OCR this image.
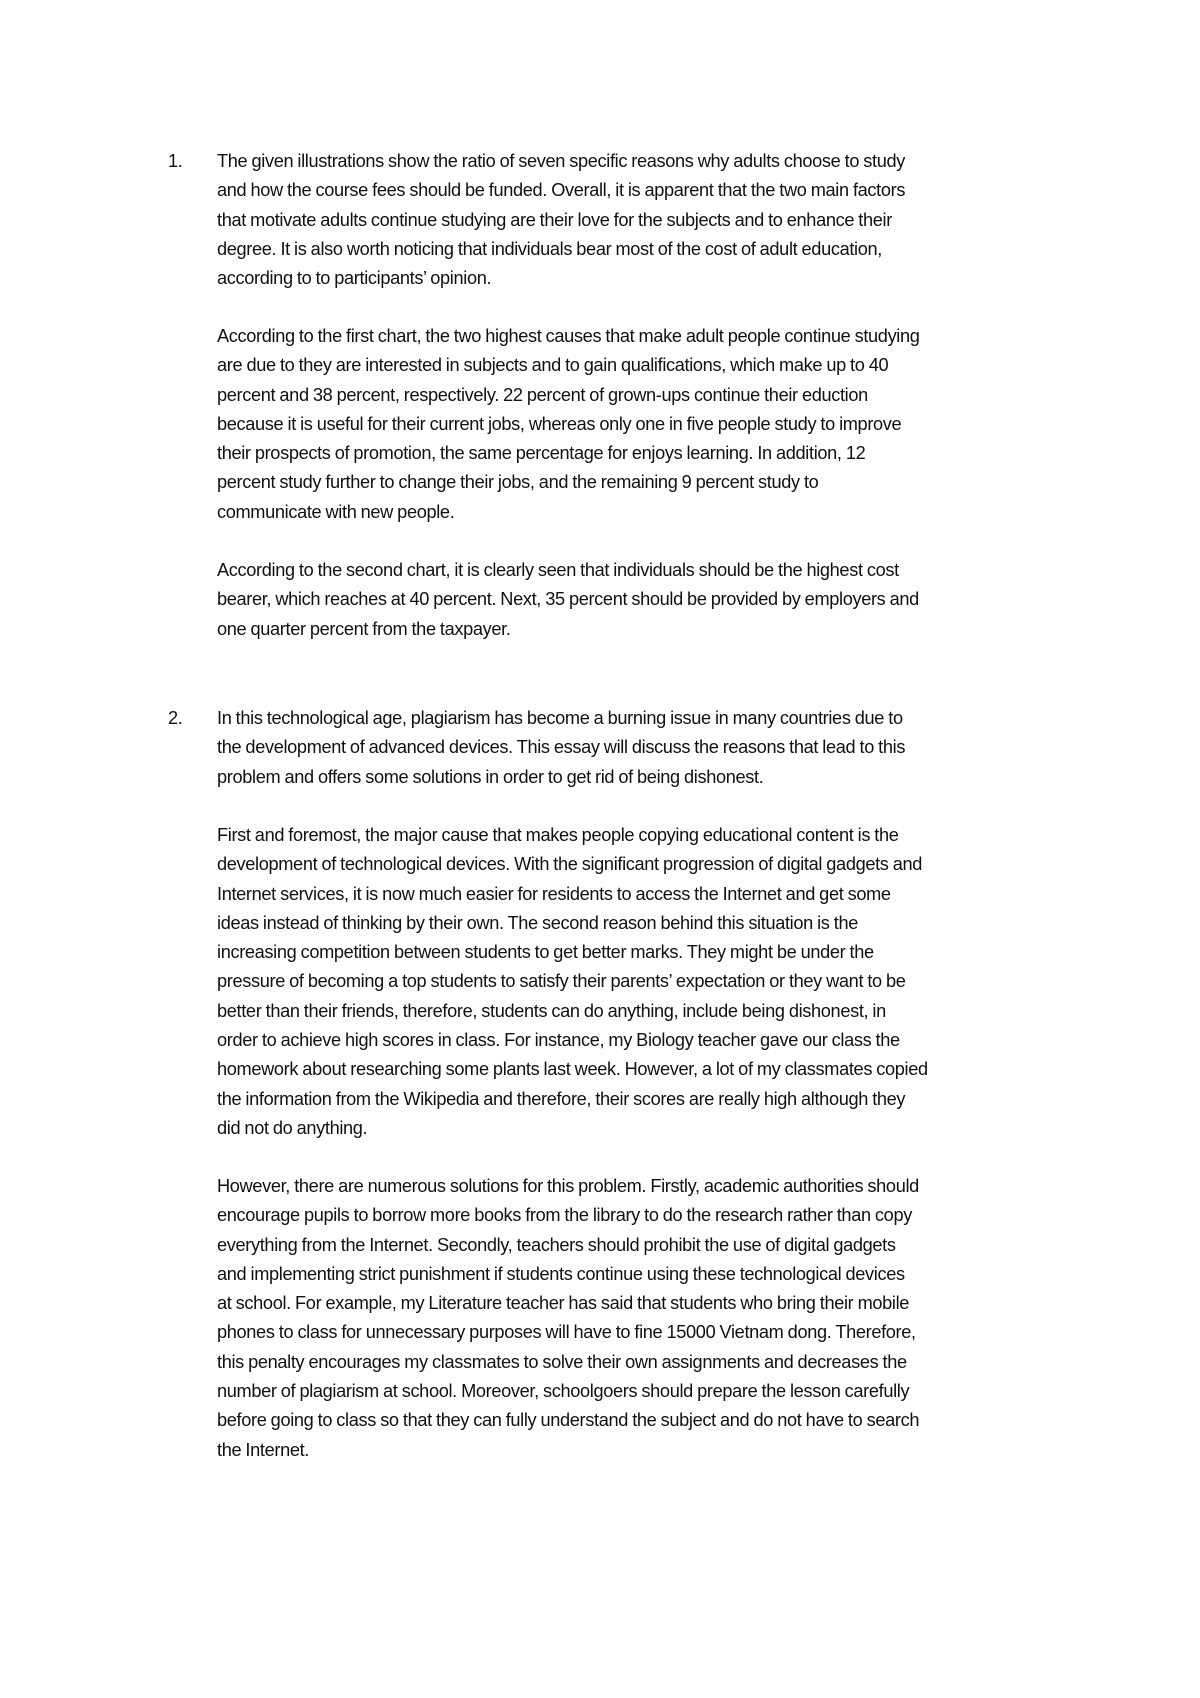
1. The given illustrations show the ratio of seven specific reasons why adults choose to study
and how the course fees should be funded. Overall, it is apparent that the two main factors
that motivate adults continue studying are their love for the subjects and to enhance their
degree. It is also worth noticing that individuals bear most of the cost of adult education,
according to to participants’ opinion.

According to the first chart, the two highest causes that make adult people continue studying
are due to they are interested in subjects and to gain qualifications, which make up to 40
percent and 38 percent, respectively. 22 percent of grown-ups continue their eduction
because it is useful for their current jobs, whereas only one in five people study to improve
their prospects of promotion, the same percentage for enjoys learning. In addition, 12
percent study further to change their jobs, and the remaining 9 percent study to
communicate with new people.

According to the second chart, it is clearly seen that individuals should be the highest cost
bearer, which reaches at 40 percent. Next, 35 percent should be provided by employers and
one quarter percent from the taxpayer.

2. In this technological age, plagiarism has become a burning issue in many countries due to
the development of advanced devices. This essay will discuss the reasons that lead to this
problem and offers some solutions in order to get rid of being dishonest.

First and foremost, the major cause that makes people copying educational content is the
development of technological devices. With the significant progression of digital gadgets and
Internet services, it is now much easier for residents to access the Internet and get some
ideas instead of thinking by their own. The second reason behind this situation is the
increasing competition between students to get better marks. They might be under the
pressure of becoming a top students to satisfy their parents’ expectation or they want to be
better than their friends, therefore, students can do anything, include being dishonest, in
order to achieve high scores in class. For instance, my Biology teacher gave our class the
homework about researching some plants last week. However, a lot of my classmates copied
the information from the Wikipedia and therefore, their scores are really high although they
did not do anything.

However, there are numerous solutions for this problem. Firstly, academic authorities should
encourage pupils to borrow more books from the library to do the research rather than copy
everything from the Internet. Secondly, teachers should prohibit the use of digital gadgets
and implementing strict punishment if students continue using these technological devices
at school. For example, my Literature teacher has said that students who bring their mobile
phones to class for unnecessary purposes will have to fine 15000 Vietnam dong. Therefore,
this penalty encourages my classmates to solve their own assignments and decreases the
number of plagiarism at school. Moreover, schoolgoers should prepare the lesson carefully
before going to class so that they can fully understand the subject and do not have to search
the Internet.
